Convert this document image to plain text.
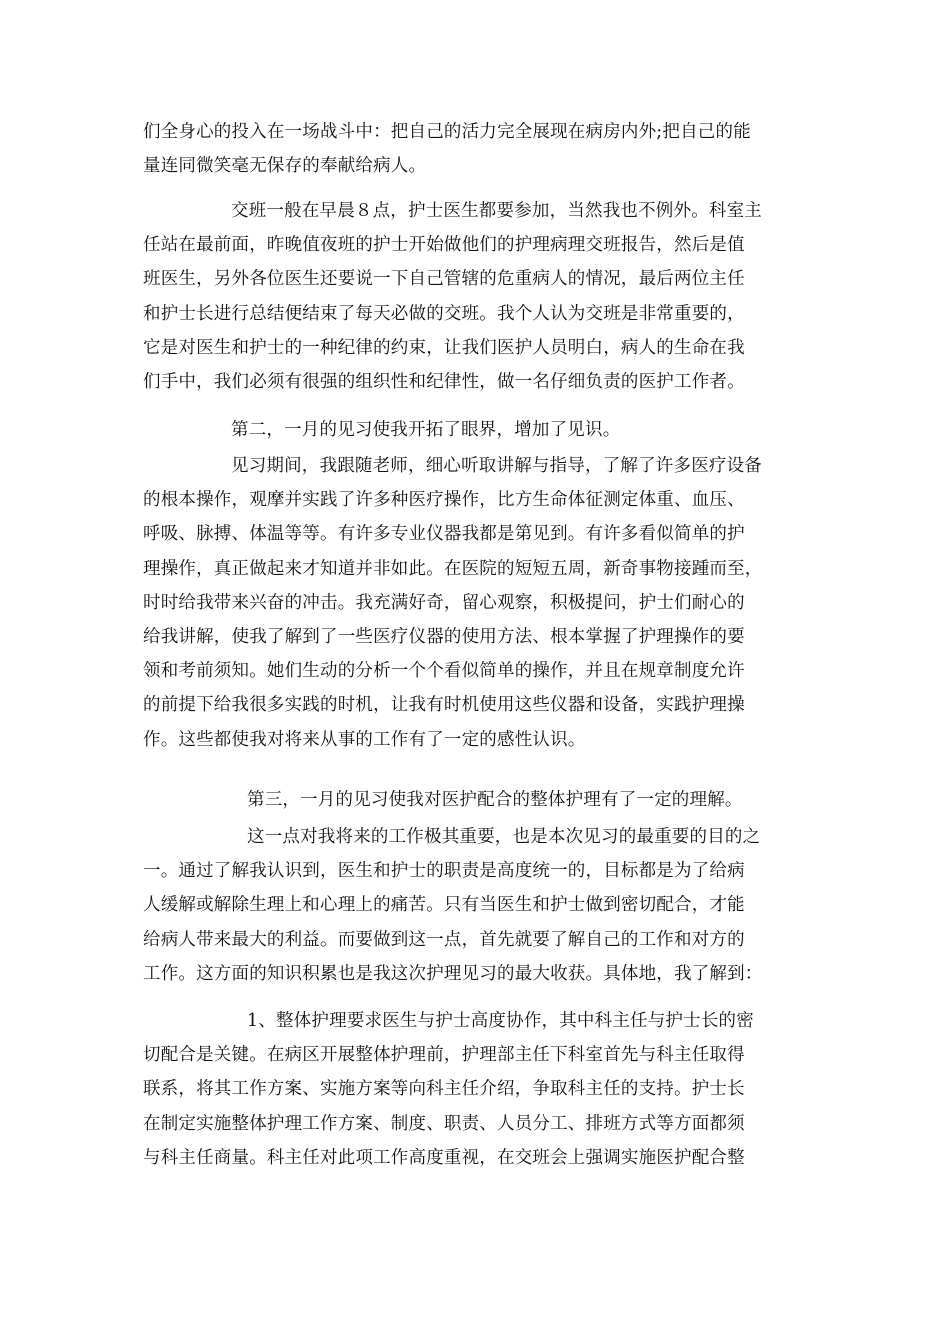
们全身心的投入在一场战斗中：把自己的活力完全展现在病房内外;把自己的能
量连同微笑毫无保存的奉献给病人。
交班一般在早晨８点，护士医生都要参加，当然我也不例外。科室主
任站在最前面，昨晚值夜班的护士开始做他们的护理病理交班报告，然后是值
班医生，另外各位医生还要说一下自己管辖的危重病人的情况，最后两位主任
和护士长进行总结便结束了每天必做的交班。我个人认为交班是非常重要的，
它是对医生和护士的一种纪律的约束，让我们医护人员明白，病人的生命在我
们手中，我们必须有很强的组织性和纪律性，做一名仔细负责的医护工作者。
第二，一月的见习使我开拓了眼界，增加了见识。
见习期间，我跟随老师，细心听取讲解与指导，了解了许多医疗设备
的根本操作，观摩并实践了许多种医疗操作，比方生命体征测定体重、血压、
呼吸、脉搏、体温等等。有许多专业仪器我都是第见到。有许多看似简单的护
理操作，真正做起来才知道并非如此。在医院的短短五周，新奇事物接踵而至，
时时给我带来兴奋的冲击。我充满好奇，留心观察，积极提问，护士们耐心的
给我讲解，使我了解到了一些医疗仪器的使用方法、根本掌握了护理操作的要
领和考前须知。她们生动的分析一个个看似简单的操作，并且在规章制度允许
的前提下给我很多实践的时机，让我有时机使用这些仪器和设备，实践护理操
作。这些都使我对将来从事的工作有了一定的感性认识。
第三，一月的见习使我对医护配合的整体护理有了一定的理解。
这一点对我将来的工作极其重要，也是本次见习的最重要的目的之
一。通过了解我认识到，医生和护士的职责是高度统一的，目标都是为了给病
人缓解或解除生理上和心理上的痛苦。只有当医生和护士做到密切配合，才能
给病人带来最大的利益。而要做到这一点，首先就要了解自己的工作和对方的
工作。这方面的知识积累也是我这次护理见习的最大收获。具体地，我了解到：
1、整体护理要求医生与护士高度协作，其中科主任与护士长的密
切配合是关键。在病区开展整体护理前，护理部主任下科室首先与科主任取得
联系，将其工作方案、实施方案等向科主任介绍，争取科主任的支持。护士长
在制定实施整体护理工作方案、制度、职责、人员分工、排班方式等方面都须
与科主任商量。科主任对此项工作高度重视，在交班会上强调实施医护配合整
